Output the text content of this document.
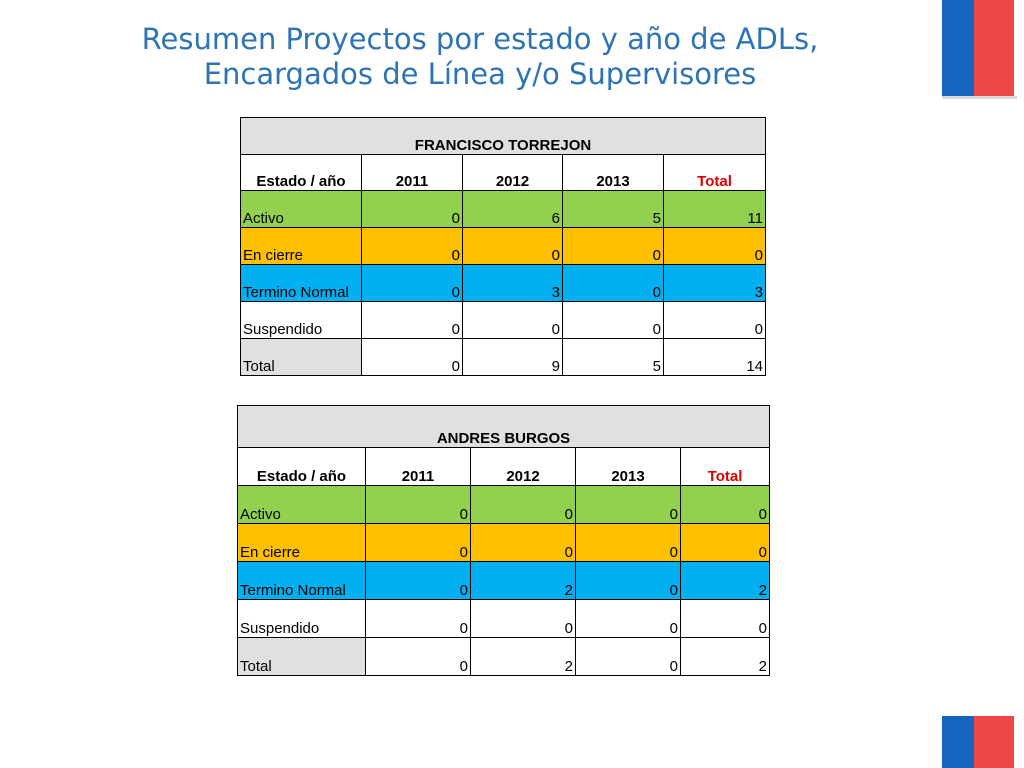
Resumen Proyectos por estado y año de ADLs,
Encargados de Línea y/o Supervisores
FRANCISCO TORREJON				
Estado / año	2011	2012	2013	Total
Activo	0	6	5	11
En cierre	0	0	0	0
Termino Normal	0	3	0	3
Suspendido	0	0	0	0
Total	0	9	5	14
ANDRES BURGOS				
Estado / año	2011	2012	2013	Total
Activo	0	0	0	0
En cierre	0	0	0	0
Termino Normal	0	2	0	2
Suspendido	0	0	0	0
Total	0	2	0	2
